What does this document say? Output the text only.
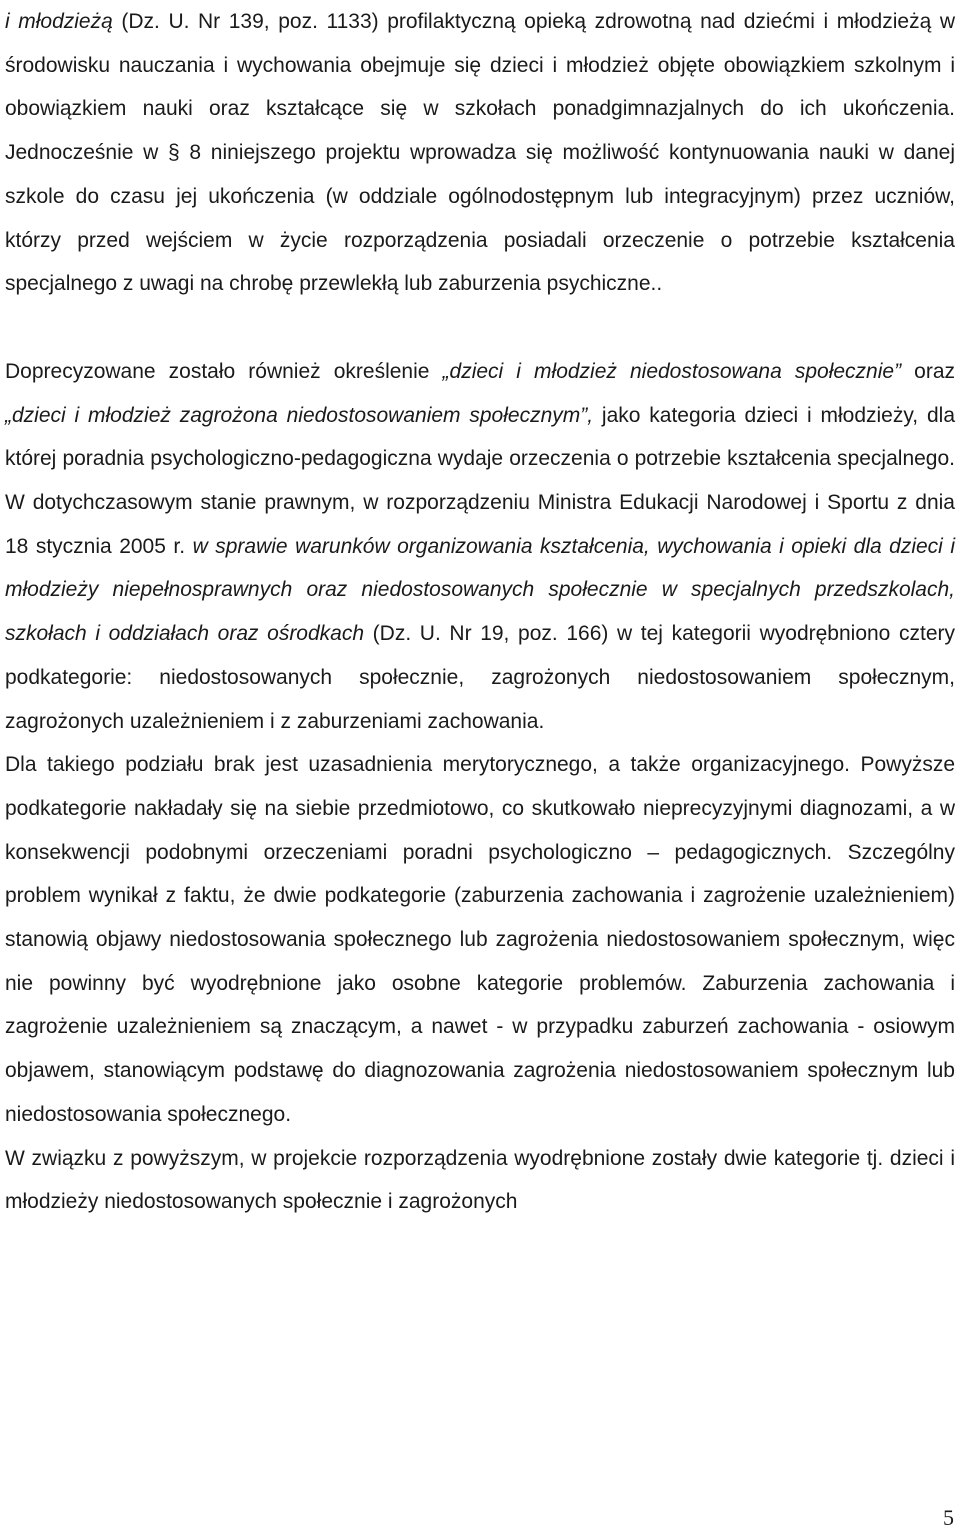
i młodzieżą (Dz. U. Nr 139, poz. 1133) profilaktyczną opieką zdrowotną nad dziećmi i młodzieżą w środowisku nauczania i wychowania obejmuje się dzieci i młodzież objęte obowiązkiem szkolnym i obowiązkiem nauki oraz kształcące się w szkołach ponadgimnazjalnych do ich ukończenia. Jednocześnie w § 8 niniejszego projektu wprowadza się możliwość kontynuowania nauki w danej szkole do czasu jej ukończenia (w oddziale ogólnodostępnym lub integracyjnym) przez uczniów, którzy przed wejściem w życie rozporządzenia posiadali orzeczenie o potrzebie kształcenia specjalnego z uwagi na chrobę przewlekłą lub zaburzenia psychiczne..

Doprecyzowane zostało również określenie „dzieci i młodzież niedostosowana społecznie” oraz „dzieci i młodzież zagrożona niedostosowaniem społecznym”, jako kategoria dzieci i młodzieży, dla której poradnia psychologiczno-pedagogiczna wydaje orzeczenia o potrzebie kształcenia specjalnego. W dotychczasowym stanie prawnym, w rozporządzeniu Ministra Edukacji Narodowej i Sportu z dnia 18 stycznia 2005 r. w sprawie warunków organizowania kształcenia, wychowania i opieki dla dzieci i młodzieży niepełnosprawnych oraz niedostosowanych społecznie w specjalnych przedszkolach, szkołach i oddziałach oraz ośrodkach (Dz. U. Nr 19, poz. 166) w tej kategorii wyodrębniono cztery podkategorie: niedostosowanych społecznie, zagrożonych niedostosowaniem społecznym, zagrożonych uzależnieniem i z zaburzeniami zachowania.

Dla takiego podziału brak jest uzasadnienia merytorycznego, a także organizacyjnego. Powyższe podkategorie nakładały się na siebie przedmiotowo, co skutkowało nieprecyzyjnymi diagnozami, a w konsekwencji podobnymi orzeczeniami poradni psychologiczno – pedagogicznych. Szczególny problem wynikał z faktu, że dwie podkategorie (zaburzenia zachowania i zagrożenie uzależnieniem) stanowią objawy niedostosowania społecznego lub zagrożenia niedostosowaniem społecznym, więc nie powinny być wyodrębnione jako osobne kategorie problemów. Zaburzenia zachowania i zagrożenie uzależnieniem są znaczącym, a nawet - w przypadku zaburzeń zachowania - osiowym objawem, stanowiącym podstawę do diagnozowania zagrożenia niedostosowaniem społecznym lub niedostosowania społecznego.

W związku z powyższym, w projekcie rozporządzenia wyodrębnione zostały dwie kategorie tj. dzieci i młodzieży niedostosowanych społecznie i zagrożonych

5
